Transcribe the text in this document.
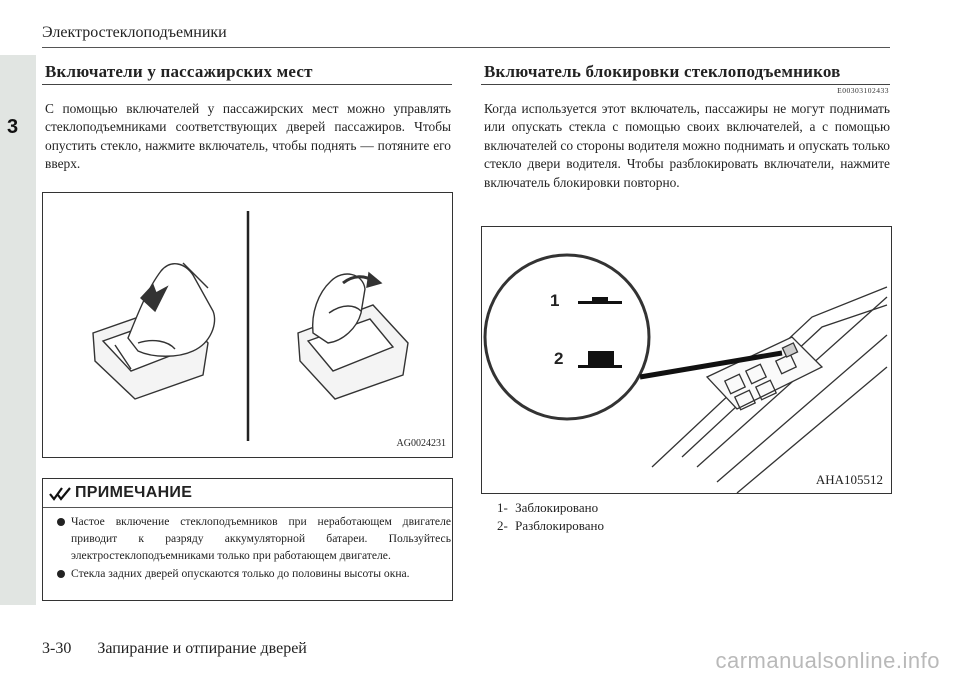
3
Электростеклоподъемники
Включатели у пассажирских мест

С помощью включателей у пассажирских мест можно управлять стеклоподъемниками соответствующих дверей пассажиров. Чтобы опустить стекло, нажмите включатель, чтобы поднять — потяните его вверх.

AG0024231
ПРИМЕЧАНИЕ
Частое включение стеклоподъемников при неработающем двигателе приводит к разряду аккумуляторной батареи. Пользуйтесь электростеклоподъемниками только при работающем двигателе.
Стекла задних дверей опускаются только до половины высоты окна.
Включатель блокировки стеклоподъемников
E00303102433

Когда используется этот включатель, пассажиры не могут поднимать или опускать стекла с помощью своих включателей, а с помощью включателей со стороны водителя можно поднимать и опускать только стекло двери водителя. Чтобы разблокировать включатели, нажмите включатель блокировки повторно.

1
2
AHA105512
1- Заблокировано
2- Разблокировано
3-30 Запирание и отпирание дверей	carmanualsonline.info
